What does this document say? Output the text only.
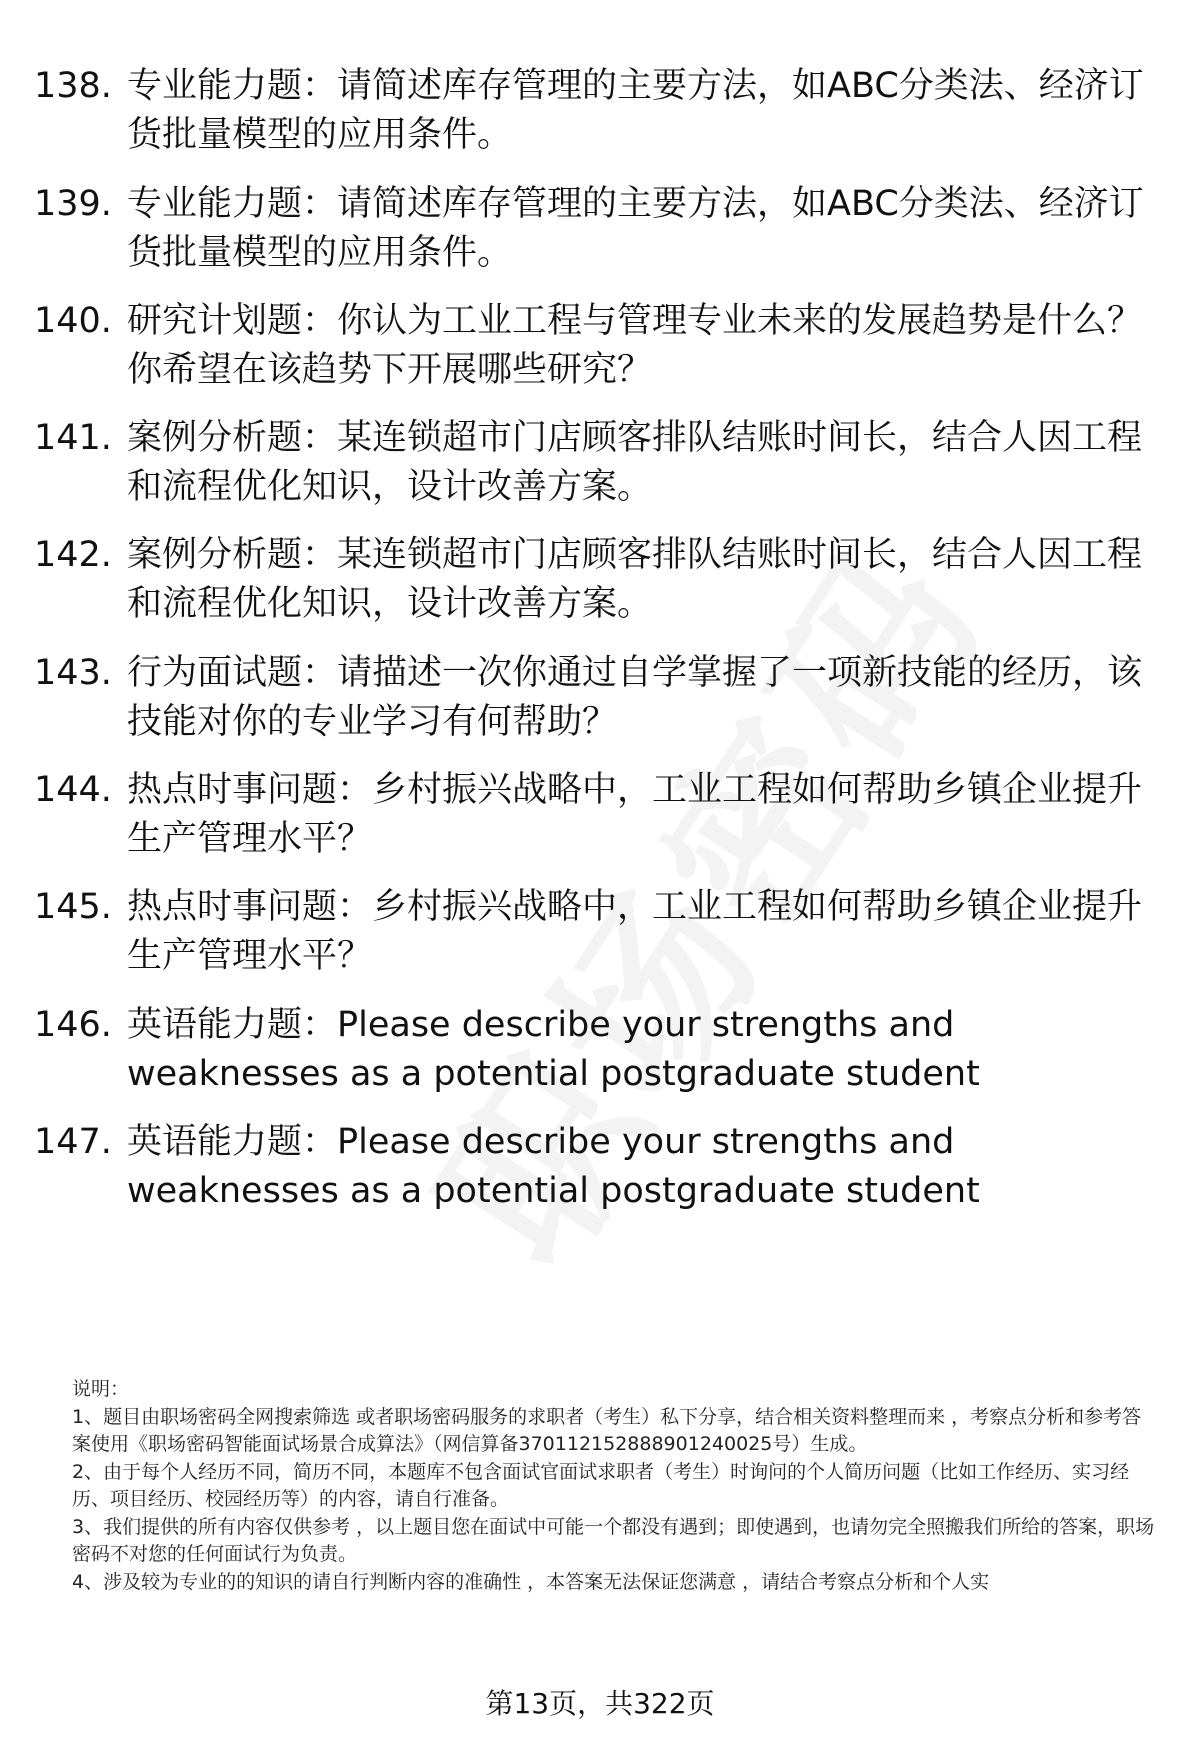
138. 专业能力题：请简述库存管理的主要方法，如ABC分类法、经济订货批量模型的应用条件。
139. 专业能力题：请简述库存管理的主要方法，如ABC分类法、经济订货批量模型的应用条件。
140. 研究计划题：你认为工业工程与管理专业未来的发展趋势是什么？你希望在该趋势下开展哪些研究？
141. 案例分析题：某连锁超市门店顾客排队结账时间长，结合人因工程和流程优化知识，设计改善方案。
142. 案例分析题：某连锁超市门店顾客排队结账时间长，结合人因工程和流程优化知识，设计改善方案。
143. 行为面试题：请描述一次你通过自学掌握了一项新技能的经历，该技能对你的专业学习有何帮助？
144. 热点时事问题：乡村振兴战略中，工业工程如何帮助乡镇企业提升生产管理水平？
145. 热点时事问题：乡村振兴战略中，工业工程如何帮助乡镇企业提升生产管理水平？
146. 英语能力题：Please describe your strengths and weaknesses as a potential postgraduate student
147. 英语能力题：Please describe your strengths and weaknesses as a potential postgraduate student

说明：

1、题目由职场密码全网搜索筛选 或者职场密码服务的求职者（考生）私下分享，结合相关资料整理而来 ，考察点分析和参考答案使用《职场密码智能面试场景合成算法》（网信算备370112152888901240025号）生成。

2、由于每个人经历不同，简历不同，本题库不包含面试官面试求职者（考生）时询问的个人简历问题（比如工作经历、实习经历、项目经历、校园经历等）的内容，请自行准备。

3、我们提供的所有内容仅供参考 ，以上题目您在面试中可能一个都没有遇到；即使遇到，也请勿完全照搬我们所给的答案，职场密码不对您的任何面试行为负责。

4、涉及较为专业的的知识的请自行判断内容的准确性 ，本答案无法保证您满意 ，请结合考察点分析和个人实

第13页，共322页
